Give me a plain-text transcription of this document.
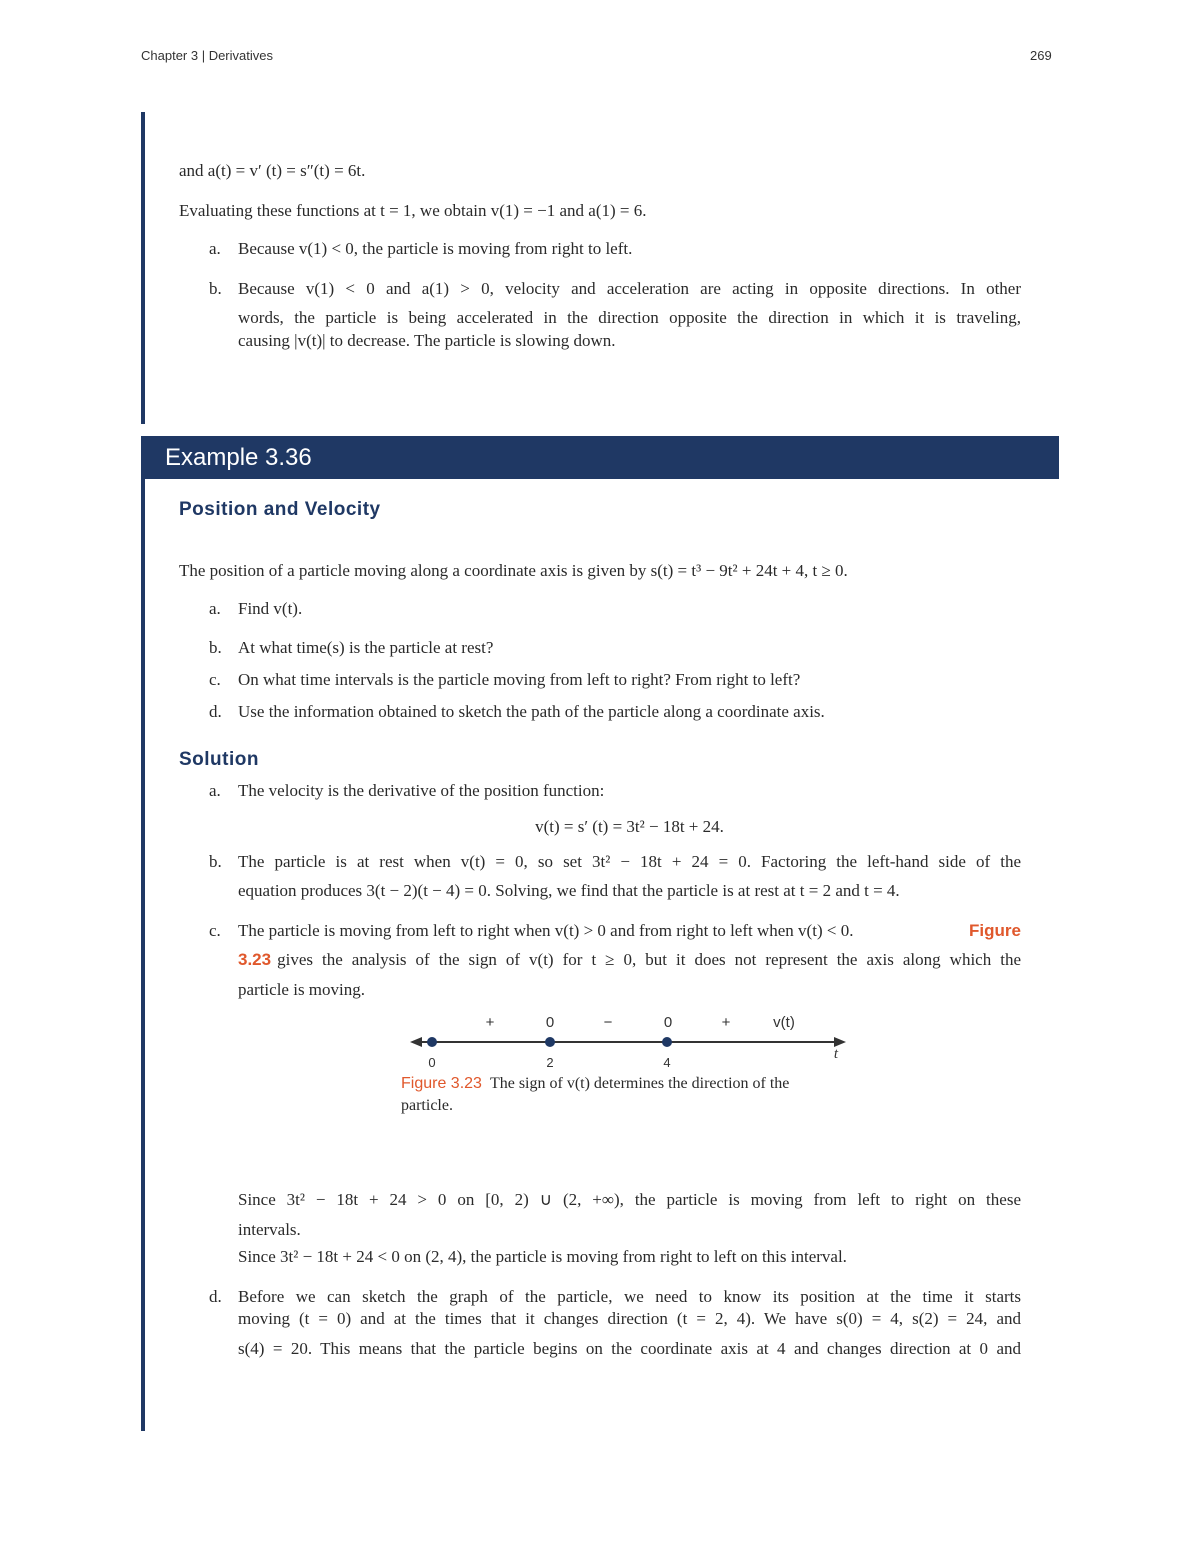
Chapter 3 | Derivatives	269
and a(t) = v′ (t) = s″(t) = 6t.
Evaluating these functions at t = 1, we obtain v(1) = −1 and a(1) = 6.
a.	Because v(1) < 0, the particle is moving from right to left.
b. Because v(1) < 0 and a(1) > 0, velocity and acceleration are acting in opposite directions. In other
words, the particle is being accelerated in the direction opposite the direction in which it is traveling,
causing |v(t)| to decrease. The particle is slowing down.
Example 3.36
Position and Velocity
The position of a particle moving along a coordinate axis is given by s(t) = t³ − 9t² + 24t + 4, t ≥ 0.
a.	Find v(t).
b. At what time(s) is the particle at rest?
c.	On what time intervals is the particle moving from left to right? From right to left?
d. Use the information obtained to sketch the path of the particle along a coordinate axis.
Solution
a.	The velocity is the derivative of the position function:
v(t) = s′ (t) = 3t² − 18t + 24.
b. The particle is at rest when v(t) = 0, so set 3t² − 18t + 24 = 0. Factoring the left-hand side of the
equation produces 3(t − 2)(t − 4) = 0. Solving, we find that the particle is at rest at t = 2 and t = 4.
c.	The particle is moving from left to right when v(t) > 0 and from right to left when v(t) < 0.	Figure
3.23 gives the analysis of the sign of v(t) for t ≥ 0, but it does not represent the axis along which the
particle is moving.
+	0	−	0	+	v(t)
0	2	4
t
Figure 3.23 The sign of v(t) determines the direction of the
particle.
Since 3t² − 18t + 24 > 0 on [0, 2) ∪ (2, +∞), the particle is moving from left to right on these
intervals.
Since 3t² − 18t + 24 < 0 on (2, 4), the particle is moving from right to left on this interval.
d. Before we can sketch the graph of the particle, we need to know its position at the time it starts
moving (t = 0) and at the times that it changes direction (t = 2, 4). We have s(0) = 4, s(2) = 24, and
s(4) = 20. This means that the particle begins on the coordinate axis at 4 and changes direction at 0 and
